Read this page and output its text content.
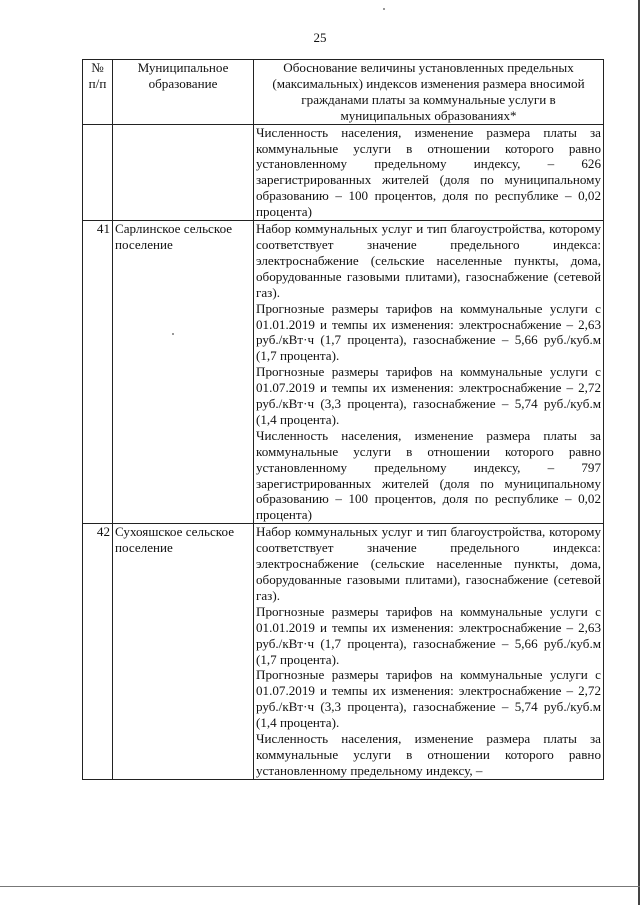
25
№ п/п	Муниципальное образование	Обоснование величины установленных предельных (максимальных) индексов изменения размера вносимой гражданами платы за коммунальные услуги в муниципальных образованиях*

		Численность населения, изменение размера платы за коммунальные услуги в отношении которого равно установленному предельному индексу, – 626 зарегистрированных жителей (доля по муниципальному образованию – 100 процентов, доля по республике – 0,02 процента)

41	Сарлинское сельское поселение	Набор коммунальных услуг и тип благоустройства, которому соответствует значение предельного индекса: электроснабжение (сельские населенные пункты, дома, оборудованные газовыми плитами), газоснабжение (сетевой газ).

Прогнозные размеры тарифов на коммунальные услуги с 01.01.2019 и темпы их изменения: электроснабжение – 2,63 руб./кВт·ч (1,7 процента), газоснабжение – 5,66 руб./куб.м (1,7 процента).

Прогнозные размеры тарифов на коммунальные услуги с 01.07.2019 и темпы их изменения: электроснабжение – 2,72 руб./кВт·ч (3,3 процента), газоснабжение – 5,74 руб./куб.м (1,4 процента).

Численность населения, изменение размера платы за коммунальные услуги в отношении которого равно установленному предельному индексу, – 797 зарегистрированных жителей (доля по муниципальному образованию – 100 процентов, доля по республике – 0,02 процента)

42	Сухояшское сельское поселение	Набор коммунальных услуг и тип благоустройства, которому соответствует значение предельного индекса: электроснабжение (сельские населенные пункты, дома, оборудованные газовыми плитами), газоснабжение (сетевой газ).

Прогнозные размеры тарифов на коммунальные услуги с 01.01.2019 и темпы их изменения: электроснабжение – 2,63 руб./кВт·ч (1,7 процента), газоснабжение – 5,66 руб./куб.м (1,7 процента).

Прогнозные размеры тарифов на коммунальные услуги с 01.07.2019 и темпы их изменения: электроснабжение – 2,72 руб./кВт·ч (3,3 процента), газоснабжение – 5,74 руб./куб.м (1,4 процента).

Численность населения, изменение размера платы за коммунальные услуги в отношении которого равно установленному предельному индексу, –
